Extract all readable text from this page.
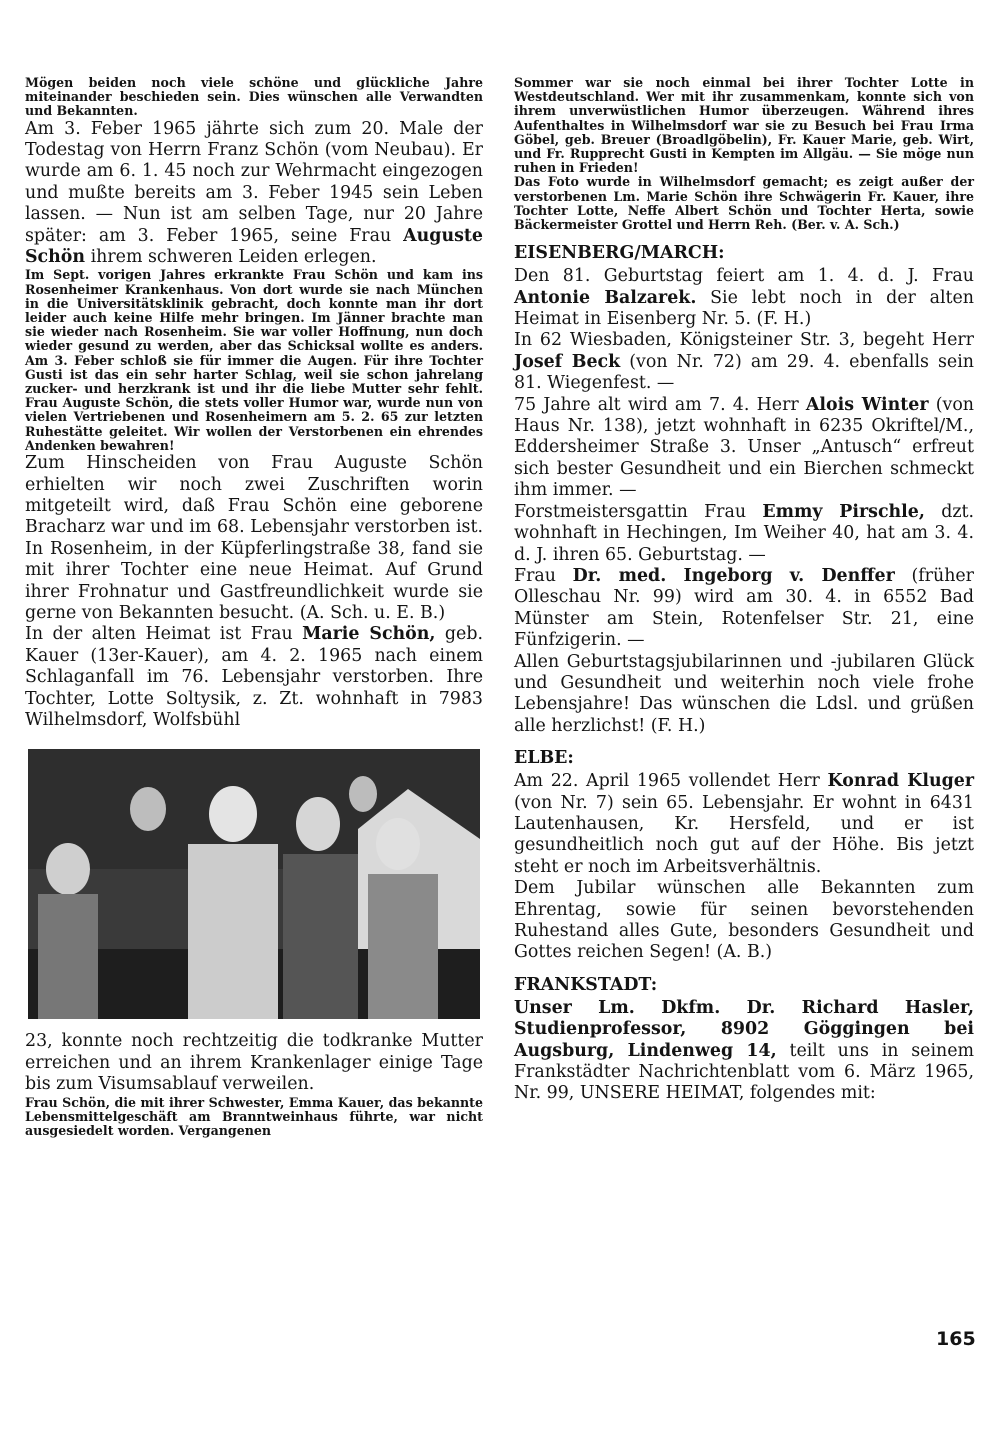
Mögen beiden noch viele schöne und glückliche Jahre miteinander beschieden sein. Dies wünschen alle Verwandten und Bekannten.

Am 3. Feber 1965 jährte sich zum 20. Male der Todestag von Herrn Franz Schön (vom Neubau). Er wurde am 6. 1. 45 noch zur Wehrmacht eingezogen und mußte bereits am 3. Feber 1945 sein Leben lassen. — Nun ist am selben Tage, nur 20 Jahre später: am 3. Feber 1965, seine Frau Auguste Schön ihrem schweren Leiden erlegen.

Im Sept. vorigen Jahres erkrankte Frau Schön und kam ins Rosenheimer Krankenhaus. Von dort wurde sie nach München in die Universitätsklinik gebracht, doch konnte man ihr dort leider auch keine Hilfe mehr bringen. Im Jänner brachte man sie wieder nach Rosenheim. Sie war voller Hoffnung, nun doch wieder gesund zu werden, aber das Schicksal wollte es anders. Am 3. Feber schloß sie für immer die Augen. Für ihre Tochter Gusti ist das ein sehr harter Schlag, weil sie schon jahrelang zucker- und herzkrank ist und ihr die liebe Mutter sehr fehlt. Frau Auguste Schön, die stets voller Humor war, wurde nun von vielen Vertriebenen und Rosenheimern am 5. 2. 65 zur letzten Ruhestätte geleitet. Wir wollen der Verstorbenen ein ehrendes Andenken bewahren!

Zum Hinscheiden von Frau Auguste Schön erhielten wir noch zwei Zuschriften worin mitgeteilt wird, daß Frau Schön eine geborene Bracharz war und im 68. Lebensjahr verstorben ist. In Rosenheim, in der Küpferlingstraße 38, fand sie mit ihrer Tochter eine neue Heimat. Auf Grund ihrer Frohnatur und Gastfreundlichkeit wurde sie gerne von Bekannten besucht. (A. Sch. u. E. B.)

In der alten Heimat ist Frau Marie Schön, geb. Kauer (13er-Kauer), am 4. 2. 1965 nach einem Schlaganfall im 76. Lebensjahr verstorben. Ihre Tochter, Lotte Soltysik, z. Zt. wohnhaft in 7983 Wilhelmsdorf, Wolfsbühl

23, konnte noch rechtzeitig die todkranke Mutter erreichen und an ihrem Krankenlager einige Tage bis zum Visumsablauf verweilen.

Frau Schön, die mit ihrer Schwester, Emma Kauer, das bekannte Lebensmittelgeschäft am Branntweinhaus führte, war nicht ausgesiedelt worden. Vergangenen

Sommer war sie noch einmal bei ihrer Tochter Lotte in Westdeutschland. Wer mit ihr zusammenkam, konnte sich von ihrem unverwüstlichen Humor überzeugen. Während ihres Aufenthaltes in Wilhelmsdorf war sie zu Besuch bei Frau Irma Göbel, geb. Breuer (Broadlgöbelin), Fr. Kauer Marie, geb. Wirt, und Fr. Rupprecht Gusti in Kempten im Allgäu. — Sie möge nun ruhen in Frieden!

Das Foto wurde in Wilhelmsdorf gemacht; es zeigt außer der verstorbenen Lm. Marie Schön ihre Schwägerin Fr. Kauer, ihre Tochter Lotte, Neffe Albert Schön und Tochter Herta, sowie Bäckermeister Grottel und Herrn Reh. (Ber. v. A. Sch.)

EISENBERG/MARCH:

Den 81. Geburtstag feiert am 1. 4. d. J. Frau Antonie Balzarek. Sie lebt noch in der alten Heimat in Eisenberg Nr. 5. (F. H.)

In 62 Wiesbaden, Königsteiner Str. 3, begeht Herr Josef Beck (von Nr. 72) am 29. 4. ebenfalls sein 81. Wiegenfest. —

75 Jahre alt wird am 7. 4. Herr Alois Winter (von Haus Nr. 138), jetzt wohnhaft in 6235 Okriftel/M., Eddersheimer Straße 3. Unser „Antusch“ erfreut sich bester Gesundheit und ein Bierchen schmeckt ihm immer. —

Forstmeistersgattin Frau Emmy Pirschle, dzt. wohnhaft in Hechingen, Im Weiher 40, hat am 3. 4. d. J. ihren 65. Geburtstag. —

Frau Dr. med. Ingeborg v. Denffer (früher Olleschau Nr. 99) wird am 30. 4. in 6552 Bad Münster am Stein, Rotenfelser Str. 21, eine Fünfzigerin. —

Allen Geburtstagsjubilarinnen und -jubilaren Glück und Gesundheit und weiterhin noch viele frohe Lebensjahre! Das wünschen die Ldsl. und grüßen alle herzlichst! (F. H.)

ELBE:

Am 22. April 1965 vollendet Herr Konrad Kluger (von Nr. 7) sein 65. Lebensjahr. Er wohnt in 6431 Lautenhausen, Kr. Hersfeld, und er ist gesundheitlich noch gut auf der Höhe. Bis jetzt steht er noch im Arbeitsverhältnis.

Dem Jubilar wünschen alle Bekannten zum Ehrentag, sowie für seinen bevorstehenden Ruhestand alles Gute, besonders Gesundheit und Gottes reichen Segen! (A. B.)

FRANKSTADT:

Unser Lm. Dkfm. Dr. Richard Hasler, Studienprofessor, 8902 Göggingen bei Augsburg, Lindenweg 14, teilt uns in seinem Frankstädter Nachrichtenblatt vom 6. März 1965, Nr. 99, UNSERE HEIMAT, folgendes mit:

165
